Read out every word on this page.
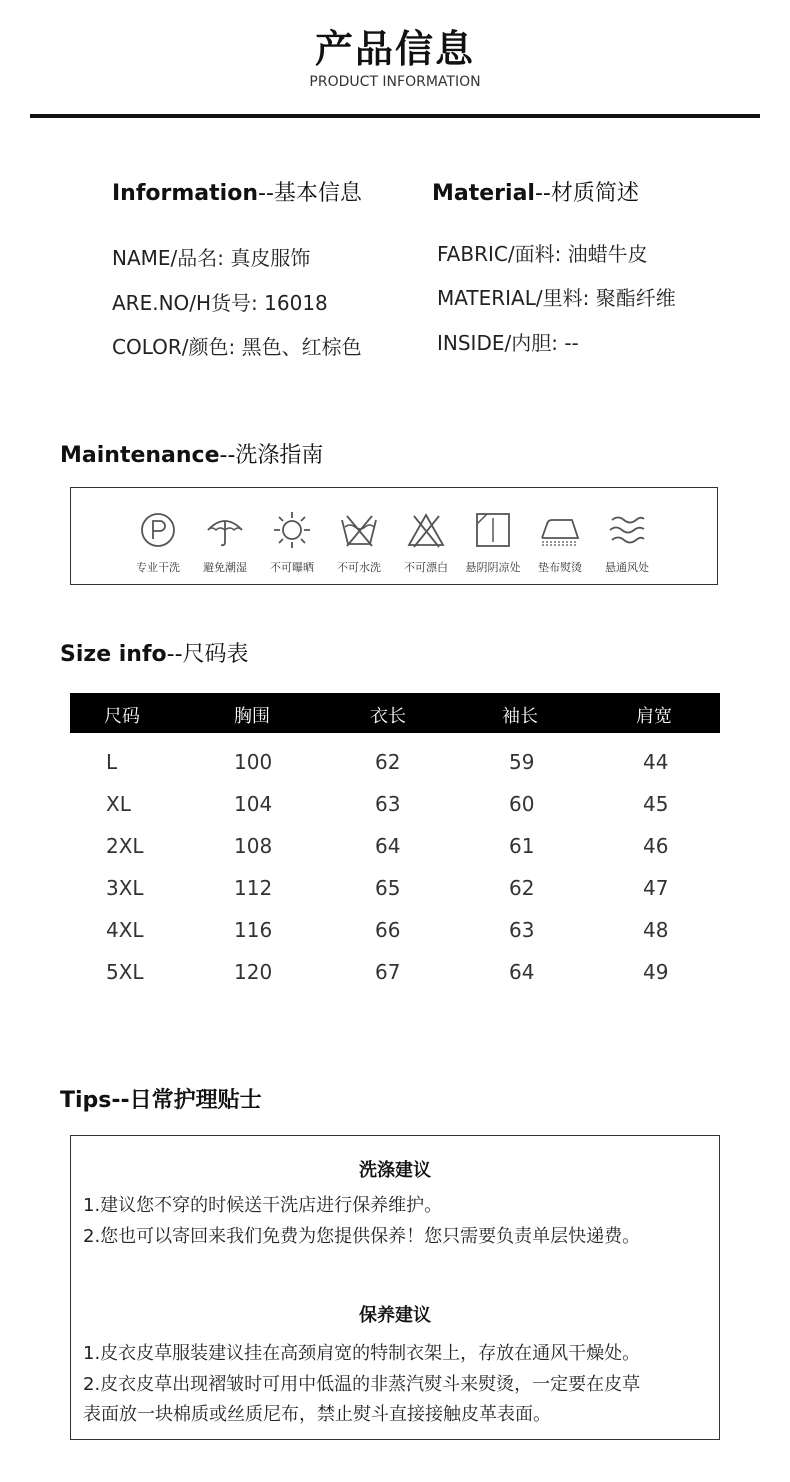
产品信息
PRODUCT INFORMATION
Information--基本信息
NAME/品名: 真皮服饰
ARE.NO/H货号: 16018
COLOR/颜色: 黑色、红棕色
Material--材质简述
FABRIC/面料: 油蜡牛皮
MATERIAL/里料: 聚酯纤维
INSIDE/内胆: --
Maintenance--洗涤指南
专业干洗	避免潮湿	不可曝晒	不可水洗	不可漂白	悬阴阴凉处	垫布熨烫	悬通风处
Size info--尺码表
尺码	胸围	衣长	袖长	肩宽
L	100	62	59	44
XL	104	63	60	45
2XL	108	64	61	46
3XL	112	65	62	47
4XL	116	66	63	48
5XL	120	67	64	49
Tips--日常护理贴士
洗涤建议
1.建议您不穿的时候送干洗店进行保养维护。
2.您也可以寄回来我们免费为您提供保养！您只需要负责单层快递费。
保养建议
1.皮衣皮草服装建议挂在高颈肩宽的特制衣架上，存放在通风干燥处。
2.皮衣皮草出现褶皱时可用中低温的非蒸汽熨斗来熨烫，一定要在皮草
表面放一块棉质或丝质尼布，禁止熨斗直接接触皮革表面。
